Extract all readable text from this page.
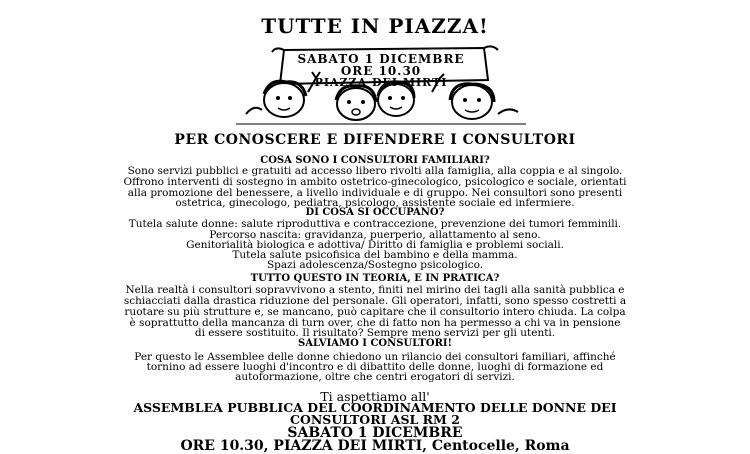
TUTTE IN PIAZZA!
SABATO 1 DICEMBRE
ORE 10.30
PIAZZA DEI MIRTI
PER CONOSCERE E DIFENDERE I CONSULTORI
COSA SONO I CONSULTORI FAMILIARI?
Sono servizi pubblici e gratuiti ad accesso libero rivolti alla famiglia, alla coppia e al singolo.
Offrono interventi di sostegno in ambito ostetrico-ginecologico, psicologico e sociale, orientati
alla promozione del benessere, a livello individuale e di gruppo. Nei consultori sono presenti
ostetrica, ginecologo, pediatra, psicologo, assistente sociale ed infermiere.
DI COSA SI OCCUPANO?
Tutela salute donne: salute riproduttiva e contraccezione, prevenzione dei tumori femminili.
Percorso nascita: gravidanza, puerperio, allattamento al seno.
Genitorialità biologica e adottiva/ Diritto di famiglia e problemi sociali.
Tutela salute psicofisica del bambino e della mamma.
Spazi adolescenza/Sostegno psicologico.
TUTTO QUESTO IN TEORIA, E IN PRATICA?
Nella realtà i consultori sopravvivono a stento, finiti nel mirino dei tagli alla sanità pubblica e
schiacciati dalla drastica riduzione del personale. Gli operatori, infatti, sono spesso costretti a
ruotare su più strutture e, se mancano, può capitare che il consultorio intero chiuda. La colpa
è soprattutto della mancanza di turn over, che di fatto non ha permesso a chi va in pensione
di essere sostituito. Il risultato? Sempre meno servizi per gli utenti.
SALVIAMO I CONSULTORI!
Per questo le Assemblee delle donne chiedono un rilancio dei consultori familiari, affinché
tornino ad essere luoghi d'incontro e di dibattito delle donne, luoghi di formazione ed
autoformazione, oltre che centri erogatori di servizi.
Ti aspettiamo all'
ASSEMBLEA PUBBLICA DEL COORDINAMENTO DELLE DONNE DEI
CONSULTORI ASL RM 2
SABATO 1 DICEMBRE
ORE 10.30, PIAZZA DEI MIRTI, Centocelle, Roma
